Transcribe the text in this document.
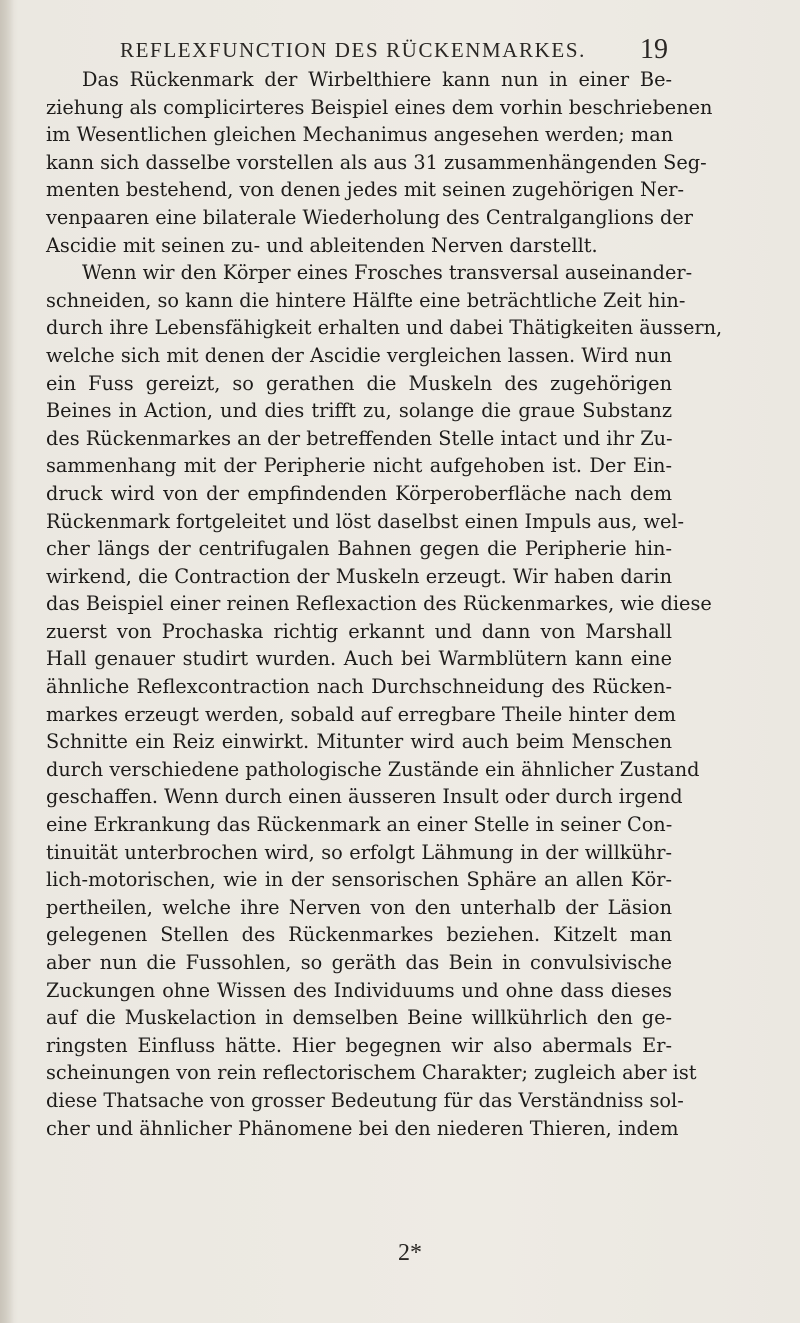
REFLEXFUNCTION DES RÜCKENMARKES. 19
Das Rückenmark der Wirbelthiere kann nun in einer Be-
ziehung als complicirteres Beispiel eines dem vorhin beschriebenen
im Wesentlichen gleichen Mechanimus angesehen werden; man
kann sich dasselbe vorstellen als aus 31 zusammenhängenden Seg-
menten bestehend, von denen jedes mit seinen zugehörigen Ner-
venpaaren eine bilaterale Wiederholung des Centralganglions der
Ascidie mit seinen zu- und ableitenden Nerven darstellt.
Wenn wir den Körper eines Frosches transversal auseinander-
schneiden, so kann die hintere Hälfte eine beträchtliche Zeit hin-
durch ihre Lebensfähigkeit erhalten und dabei Thätigkeiten äussern,
welche sich mit denen der Ascidie vergleichen lassen. Wird nun
ein Fuss gereizt, so gerathen die Muskeln des zugehörigen
Beines in Action, und dies trifft zu, solange die graue Substanz
des Rückenmarkes an der betreffenden Stelle intact und ihr Zu-
sammenhang mit der Peripherie nicht aufgehoben ist. Der Ein-
druck wird von der empfindenden Körperoberfläche nach dem
Rückenmark fortgeleitet und löst daselbst einen Impuls aus, wel-
cher längs der centrifugalen Bahnen gegen die Peripherie hin-
wirkend, die Contraction der Muskeln erzeugt. Wir haben darin
das Beispiel einer reinen Reflexaction des Rückenmarkes, wie diese
zuerst von Prochaska richtig erkannt und dann von Marshall
Hall genauer studirt wurden. Auch bei Warmblütern kann eine
ähnliche Reflexcontraction nach Durchschneidung des Rücken-
markes erzeugt werden, sobald auf erregbare Theile hinter dem
Schnitte ein Reiz einwirkt. Mitunter wird auch beim Menschen
durch verschiedene pathologische Zustände ein ähnlicher Zustand
geschaffen. Wenn durch einen äusseren Insult oder durch irgend
eine Erkrankung das Rückenmark an einer Stelle in seiner Con-
tinuität unterbrochen wird, so erfolgt Lähmung in der willkühr-
lich-motorischen, wie in der sensorischen Sphäre an allen Kör-
pertheilen, welche ihre Nerven von den unterhalb der Läsion
gelegenen Stellen des Rückenmarkes beziehen. Kitzelt man
aber nun die Fussohlen, so geräth das Bein in convulsivische
Zuckungen ohne Wissen des Individuums und ohne dass dieses
auf die Muskelaction in demselben Beine willkührlich den ge-
ringsten Einfluss hätte. Hier begegnen wir also abermals Er-
scheinungen von rein reflectorischem Charakter; zugleich aber ist
diese Thatsache von grosser Bedeutung für das Verständniss sol-
cher und ähnlicher Phänomene bei den niederen Thieren, indem
2*
